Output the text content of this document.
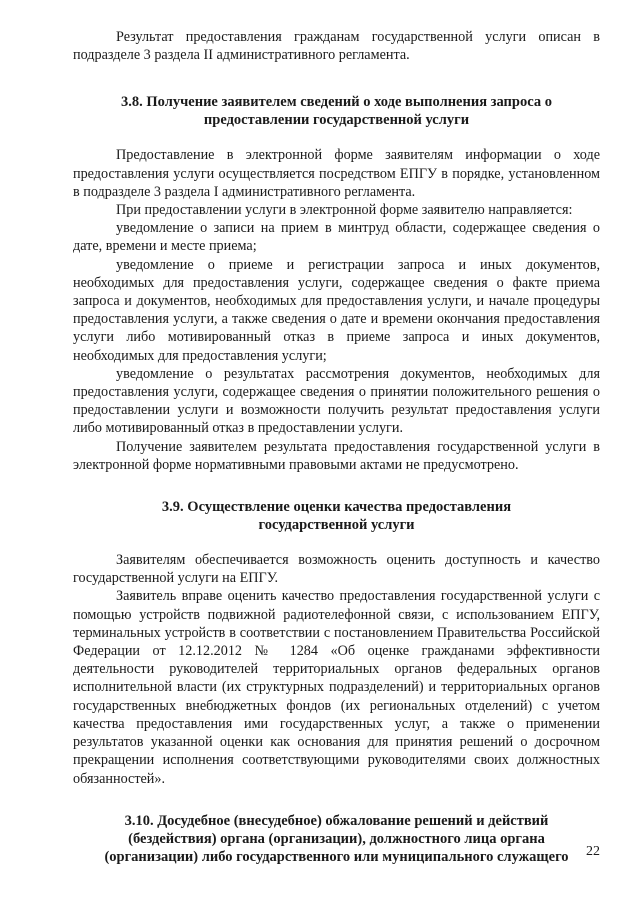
Результат предоставления гражданам государственной услуги описан в подразделе 3 раздела II административного регламента.

3.8. Получение заявителем сведений о ходе выполнения запроса о

предоставлении государственной услуги

Предоставление в электронной форме заявителям информации о ходе предоставления услуги осуществляется посредством ЕПГУ в порядке, установленном в подразделе 3 раздела I административного регламента.

При предоставлении услуги в электронной форме заявителю направляется:

уведомление о записи на прием в минтруд области, содержащее сведения о дате, времени и месте приема;

уведомление о приеме и регистрации запроса и иных документов, необходимых для предоставления услуги, содержащее сведения о факте приема запроса и документов, необходимых для предоставления услуги, и начале процедуры предоставления услуги, а также сведения о дате и времени окончания предоставления услуги либо мотивированный отказ в приеме запроса и иных документов, необходимых для предоставления услуги;

уведомление о результатах рассмотрения документов, необходимых для предоставления услуги, содержащее сведения о принятии положительного решения о предоставлении услуги и возможности получить результат предоставления услуги либо мотивированный отказ в предоставлении услуги.

Получение заявителем результата предоставления государственной услуги в электронной форме нормативными правовыми актами не предусмотрено.

3.9. Осуществление оценки качества предоставления

государственной услуги

Заявителям обеспечивается возможность оценить доступность и качество государственной услуги на ЕПГУ.

Заявитель вправе оценить качество предоставления государственной услуги с помощью устройств подвижной радиотелефонной связи, с использованием ЕПГУ, терминальных устройств в соответствии с постановлением Правительства Российской Федерации от 12.12.2012 № 1284 «Об оценке гражданами эффективности деятельности руководителей территориальных органов федеральных органов исполнительной власти (их структурных подразделений) и территориальных органов государственных внебюджетных фондов (их региональных отделений) с учетом качества предоставления ими государственных услуг, а также о применении результатов указанной оценки как основания для принятия решений о досрочном прекращении исполнения соответствующими руководителями своих должностных обязанностей».

3.10. Досудебное (внесудебное) обжалование решений и действий

(бездействия) органа (организации), должностного лица органа

(организации) либо государственного или муниципального служащего	22
